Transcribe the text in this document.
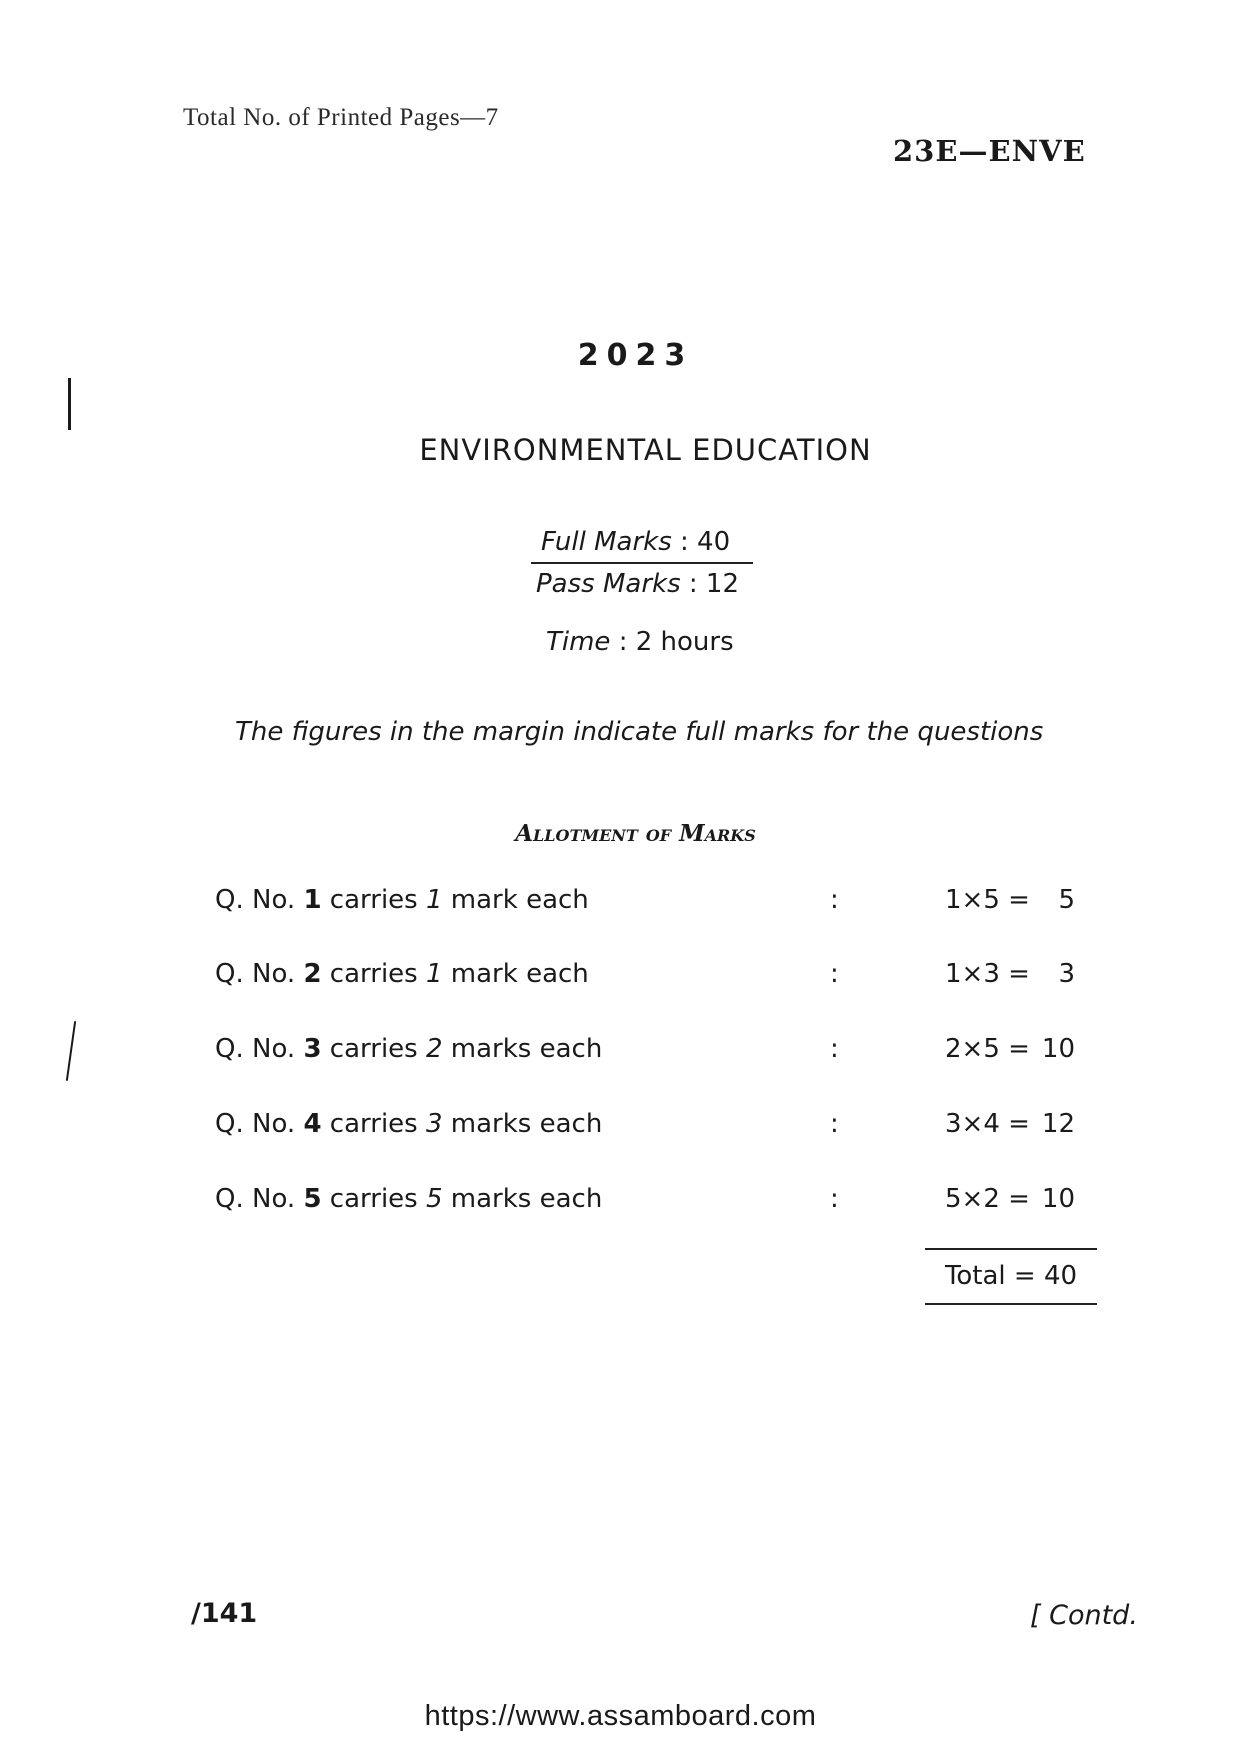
Total No. of Printed Pages—7
23E—ENVE
2023
ENVIRONMENTAL EDUCATION
Full Marks : 40
Pass Marks : 12
Time : 2 hours
The figures in the margin indicate full marks for the questions
Allotment of Marks
Q. No. 1 carries 1 mark each	:	1×5 =	5
Q. No. 2 carries 1 mark each	:	1×3 =	3
Q. No. 3 carries 2 marks each	:	2×5 = 10
Q. No. 4 carries 3 marks each	:	3×4 = 12
Q. No. 5 carries 5 marks each	:	5×2 = 10
Total = 40
/141	[ Contd.
https://www.assamboard.com
